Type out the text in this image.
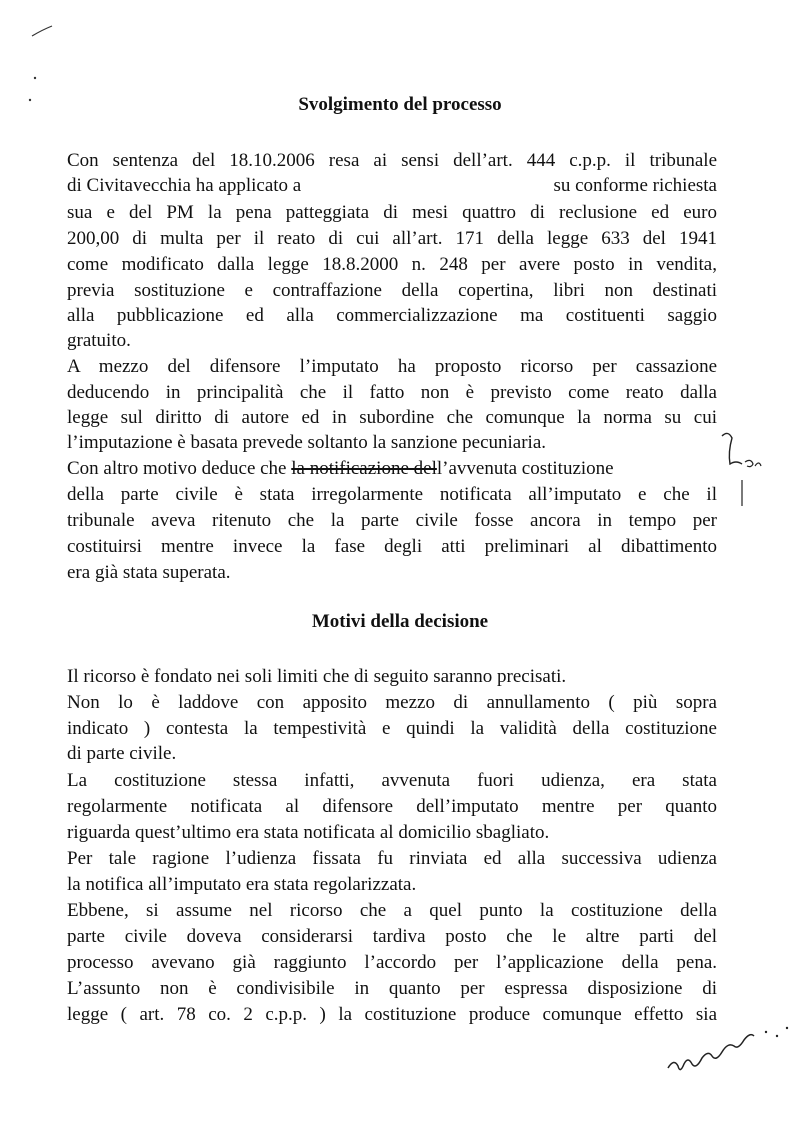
Svolgimento del processo
Con sentenza del 18.10.2006 resa ai sensi dell’art. 444 c.p.p. il tribunale
di Civitavecchia ha applicato a	su conforme richiesta
sua e del PM la pena patteggiata di mesi quattro di reclusione ed euro
200,00 di multa per il reato di cui all’art. 171 della legge 633 del 1941
come modificato dalla legge 18.8.2000 n. 248 per avere posto in vendita,
previa sostituzione e contraffazione della copertina, libri non destinati
alla pubblicazione ed alla commercializzazione ma costituenti saggio
gratuito.
A mezzo del difensore l’imputato ha proposto ricorso per cassazione
deducendo in principalità che il fatto non è previsto come reato dalla
legge sul diritto di autore ed in subordine che comunque la norma su cui
l’imputazione è basata prevede soltanto la sanzione pecuniaria.
Con altro motivo deduce che la notificazione dell’avvenuta costituzione
della parte civile è stata irregolarmente notificata all’imputato e che il
tribunale aveva ritenuto che la parte civile fosse ancora in tempo per
costituirsi mentre invece la fase degli atti preliminari al dibattimento
era già stata superata.
Motivi della decisione
Il ricorso è fondato nei soli limiti che di seguito saranno precisati.
Non lo è laddove con apposito mezzo di annullamento ( più sopra
indicato ) contesta la tempestività e quindi la validità della costituzione
di parte civile.
La costituzione stessa infatti, avvenuta fuori udienza, era stata
regolarmente notificata al difensore dell’imputato mentre per quanto
riguarda quest’ultimo era stata notificata al domicilio sbagliato.
Per tale ragione l’udienza fissata fu rinviata ed alla successiva udienza
la notifica all’imputato era stata regolarizzata.
Ebbene, si assume nel ricorso che a quel punto la costituzione della
parte civile doveva considerarsi tardiva posto che le altre parti del
processo avevano già raggiunto l’accordo per l’applicazione della pena.
L’assunto non è condivisibile in quanto per espressa disposizione di
legge ( art. 78 co. 2 c.p.p. ) la costituzione produce comunque effetto sia
